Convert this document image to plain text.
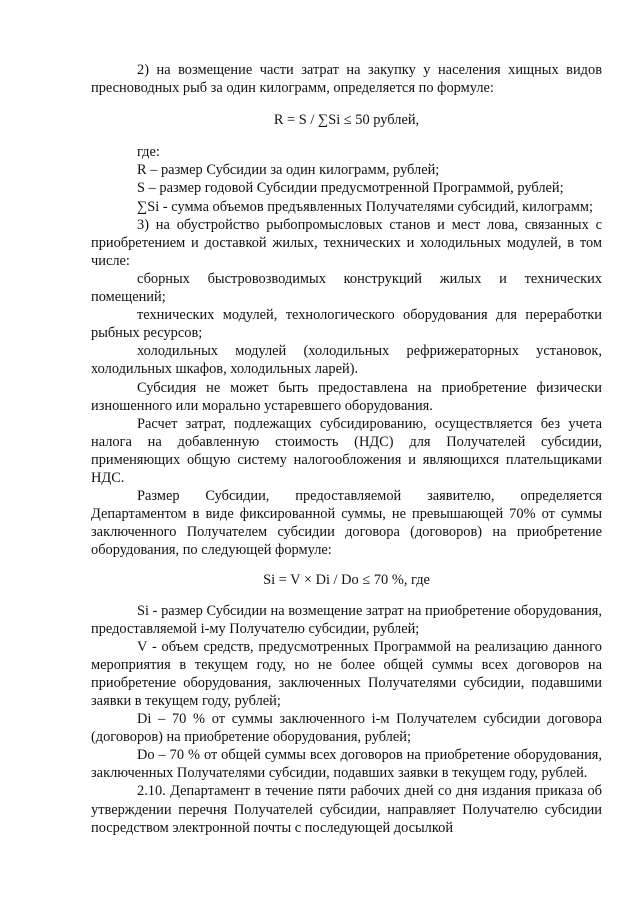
2) на возмещение части затрат на закупку у населения хищных видов пресноводных рыб за один килограмм, определяется по формуле:

R = S / ∑Si ≤ 50 рублей,

где:

R – размер Субсидии за один килограмм, рублей;

S – размер годовой Субсидии предусмотренной Программой, рублей;

∑Si - сумма объемов предъявленных Получателями субсидий, килограмм;

3) на обустройство рыбопромысловых станов и мест лова, связанных с приобретением и доставкой жилых, технических и холодильных модулей, в том числе:

сборных быстровозводимых конструкций жилых и технических помещений;

технических модулей, технологического оборудования для переработки рыбных ресурсов;

холодильных модулей (холодильных рефрижераторных установок, холодильных шкафов, холодильных ларей).

Субсидия не может быть предоставлена на приобретение физически изношенного или морально устаревшего оборудования.

Расчет затрат, подлежащих субсидированию, осуществляется без учета налога на добавленную стоимость (НДС) для Получателей субсидии, применяющих общую систему налогообложения и являющихся плательщиками НДС.

Размер Субсидии, предоставляемой заявителю, определяется Департаментом в виде фиксированной суммы, не превышающей 70% от суммы заключенного Получателем субсидии договора (договоров) на приобретение оборудования, по следующей формуле:

Si = V × Di / Do ≤ 70 %, где

Si - размер Субсидии на возмещение затрат на приобретение оборудования, предоставляемой i-му Получателю субсидии, рублей;

V - объем средств, предусмотренных Программой на реализацию данного мероприятия в текущем году, но не более общей суммы всех договоров на приобретение оборудования, заключенных Получателями субсидии, подавшими заявки в текущем году, рублей;

Di – 70 % от суммы заключенного i-м Получателем субсидии договора (договоров) на приобретение оборудования, рублей;

Do – 70 % от общей суммы всех договоров на приобретение оборудования, заключенных Получателями субсидии, подавших заявки в текущем году, рублей.

2.10. Департамент в течение пяти рабочих дней со дня издания приказа об утверждении перечня Получателей субсидии, направляет Получателю субсидии посредством электронной почты с последующей досылкой
